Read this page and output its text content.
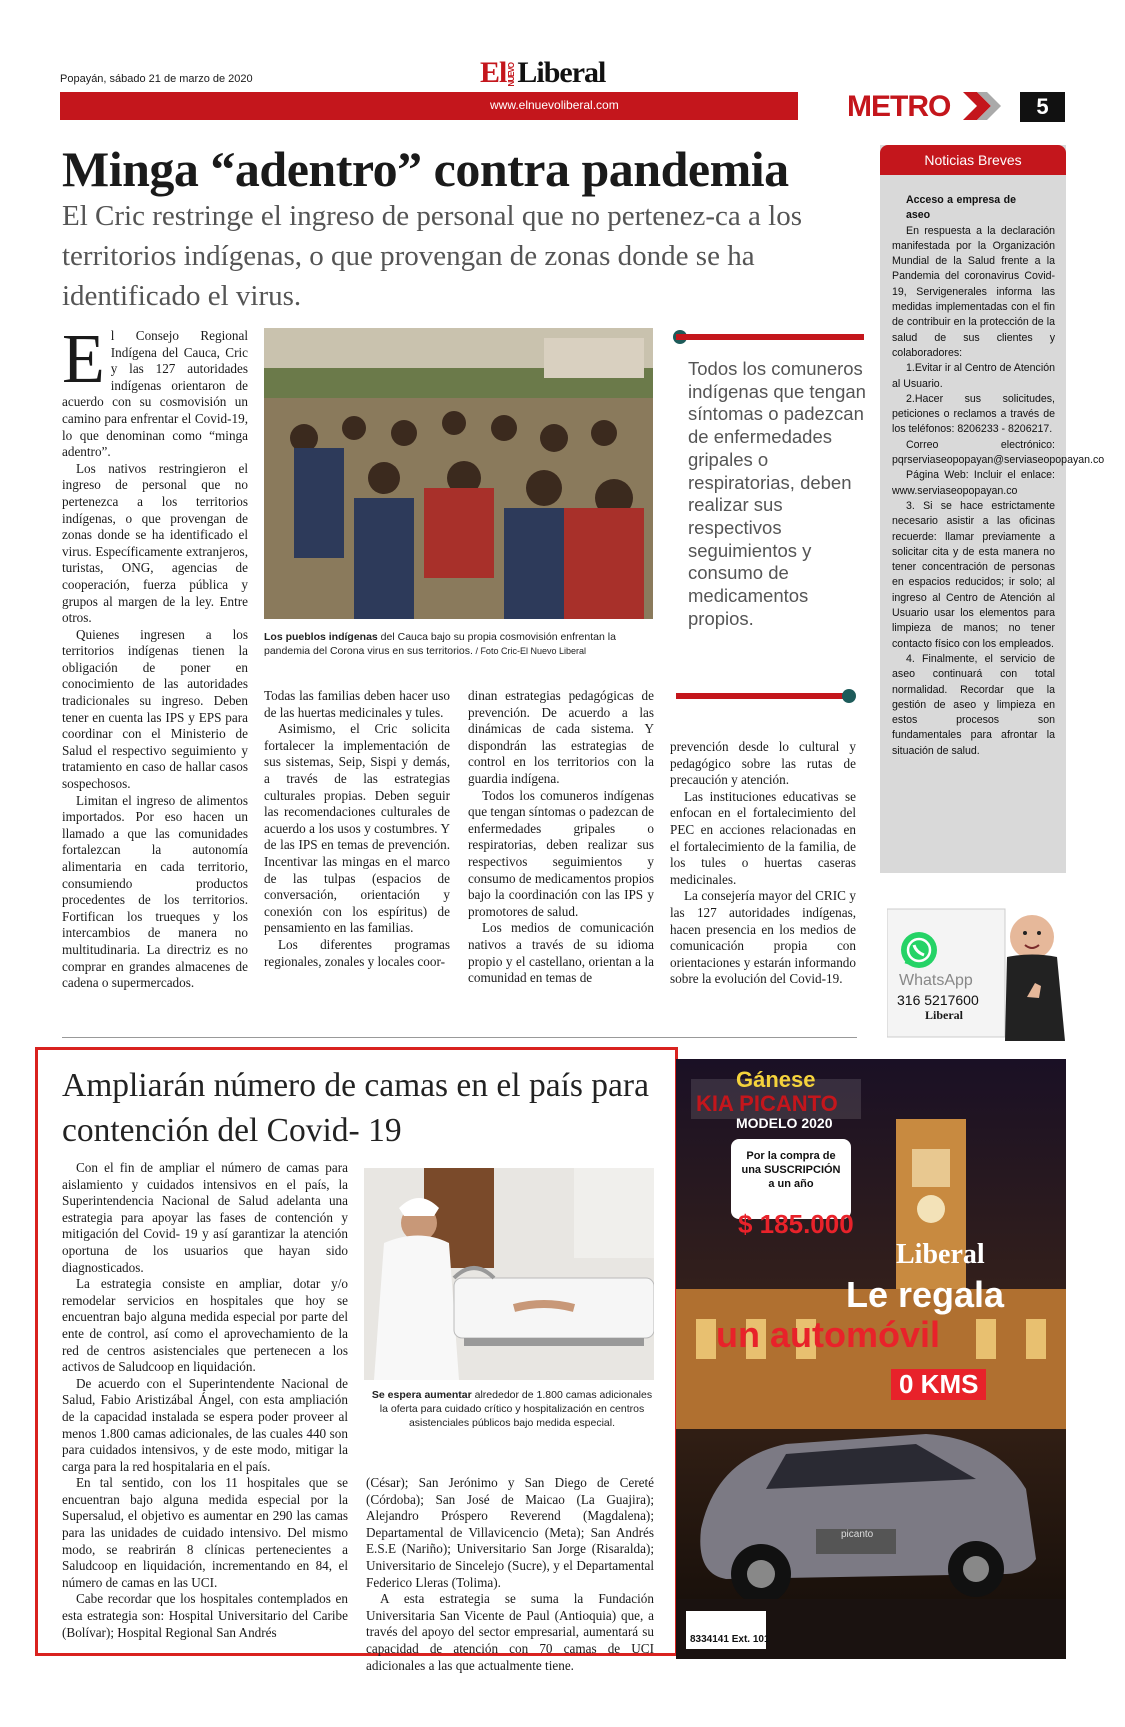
Popayán, sábado 21 de marzo de 2020	ElNUEVOLiberal
www.elnuevoliberal.com	METRO	5
Minga “adentro” contra pandemia
El Cric restringe el ingreso de personal que no pertenez-ca a los territorios indígenas, o que provengan de zonas donde se ha identificado el virus.
E l Consejo Regional Indígena del Cauca, Cric y las 127 autoridades indígenas orientaron de acuerdo con su cosmovisión un camino para enfrentar el Covid-19, lo que denominan como “minga adentro”.

Los nativos restringieron el ingreso de personal que no pertenezca a los territorios indígenas, o que provengan de zonas donde se ha identificado el virus. Específicamente extranjeros, turistas, ONG, agencias de cooperación, fuerza pública y grupos al margen de la ley. Entre otros.

Quienes ingresen a los territorios indígenas tienen la obligación de poner en conocimiento de las autoridades tradicionales su ingreso. Deben tener en cuenta las IPS y EPS para coordinar con el Ministerio de Salud el respectivo seguimiento y tratamiento en caso de hallar casos sospechosos.

Limitan el ingreso de alimentos importados. Por eso hacen un llamado a que las comunidades fortalezcan la autonomía alimentaria en cada territorio, consumiendo productos procedentes de los territorios. Fortifican los trueques y los intercambios de manera no multitudinaria. La directriz es no comprar en grandes almacenes de cadena o supermercados.

Los pueblos indígenas del Cauca bajo su propia cosmovisión enfrentan la pandemia del Corona virus en sus territorios. / Foto Cric-El Nuevo Liberal

Todas las familias deben hacer uso de las huertas medicinales y tules.

Asimismo, el Cric solicita fortalecer la implementación de sus sistemas, Seip, Sispi y demás, a través de las estrategias culturales propias. Deben seguir las recomendaciones culturales de acuerdo a los usos y costumbres. Y de las IPS en temas de prevención. Incentivar las mingas en el marco de las tulpas (espacios de conversación, orientación y conexión con los espíritus) de pensamiento en las familias.

Los diferentes programas regionales, zonales y locales coor-

dinan estrategias pedagógicas de prevención. De acuerdo a las dinámicas de cada sistema. Y dispondrán las estrategias de control en los territorios con la guardia indígena.

Todos los comuneros indígenas que tengan síntomas o padezcan de enfermedades gripales o respiratorias, deben realizar sus respectivos seguimientos y consumo de medicamentos propios bajo la coordinación con las IPS y promotores de salud.

Los medios de comunicación nativos a través de su idioma propio y el castellano, orientan a la comunidad en temas de

Todos los comuneros indígenas que tengan síntomas o padezcan de enfermedades gripales o respiratorias, deben realizar sus respectivos seguimientos y consumo de medicamentos propios.

prevención desde lo cultural y pedagógico sobre las rutas de precaución y atención.

Las instituciones educativas se enfocan en el fortalecimiento del PEC en acciones relacionadas en el fortalecimiento de la familia, de los tules o huertas caseras medicinales.

La consejería mayor del CRIC y las 127 autoridades indígenas, hacen presencia en los medios de comunicación propia con orientaciones y estarán informando sobre la evolución del Covid-19.

Noticias Breves

Acceso a empresa de aseo

En respuesta a la declaración manifestada por la Organización Mundial de la Salud frente a la Pandemia del coronavirus Covid-19, Servigenerales informa las medidas implementadas con el fin de contribuir en la protección de la salud de sus clientes y colaboradores:

1.Evitar ir al Centro de Atención al Usuario.

2.Hacer sus solicitudes, peticiones o reclamos a través de los teléfonos: 8206233 - 8206217.

Correo electrónico: pqrserviaseopopayan@serviaseopopayan.co

Página Web: Incluir el enlace: www.serviaseopopayan.co

3. Si se hace estrictamente necesario asistir a las oficinas recuerde: llamar previamente a solicitar cita y de esta manera no tener concentración de personas en espacios reducidos; ir solo; al ingreso al Centro de Atención al Usuario usar los elementos para limpieza de manos; no tener contacto físico con los empleados.

4. Finalmente, el servicio de aseo continuará con total normalidad. Recordar que la gestión de aseo y limpieza en estos procesos son fundamentales para afrontar la situación de salud.

WhatsApp
316 5217600
Liberal
Ampliarán número de camas en el país para contención del Covid- 19

Con el fin de ampliar el número de camas para aislamiento y cuidados intensivos en el país, la Superintendencia Nacional de Salud adelanta una estrategia para apoyar las fases de contención y mitigación del Covid- 19 y así garantizar la atención oportuna de los usuarios que hayan sido diagnosticados.

La estrategia consiste en ampliar, dotar y/o remodelar servicios en hospitales que hoy se encuentran bajo alguna medida especial por parte del ente de control, así como el aprovechamiento de la red de centros asistenciales que pertenecen a los activos de Saludcoop en liquidación.

De acuerdo con el Superintendente Nacional de Salud, Fabio Aristizábal Ángel, con esta ampliación de la capacidad instalada se espera poder proveer al menos 1.800 camas adicionales, de las cuales 440 son para cuidados intensivos, y de este modo, mitigar la carga para la red hospitalaria en el país.

En tal sentido, con los 11 hospitales que se encuentran bajo alguna medida especial por la Supersalud, el objetivo es aumentar en 290 las camas para las unidades de cuidado intensivo. Del mismo modo, se reabrirán 8 clínicas pertenecientes a Saludcoop en liquidación, incrementando en 84, el número de camas en las UCI.

Cabe recordar que los hospitales contemplados en esta estrategia son: Hospital Universitario del Caribe (Bolívar); Hospital Regional San Andrés

Se espera aumentar alrededor de 1.800 camas adicionales la oferta para cuidado crítico y hospitalización en centros asistenciales públicos bajo medida especial.

(César); San Jerónimo y San Diego de Cereté (Córdoba); San José de Maicao (La Guajira); Alejandro Próspero Reverend (Magdalena); Departamental de Villavicencio (Meta); San Andrés E.S.E (Nariño); Universitario San Jorge (Risaralda); Universitario de Sincelejo (Sucre), y el Departamental Federico Lleras (Tolima).

A esta estrategia se suma la Fundación Universitaria San Vicente de Paul (Antioquia) que, a través del apoyo del sector empresarial, aumentará su capacidad de atención con 70 camas de UCI adicionales a las que actualmente tiene.

Gánese
KIA PICANTO
MODELO 2020
Por la compra de
una SUSCRIPCIÓN
a un año
$ 185.000
Liberal
Le regala
un automóvil
0 KMS
picanto
8334141 Ext. 101
